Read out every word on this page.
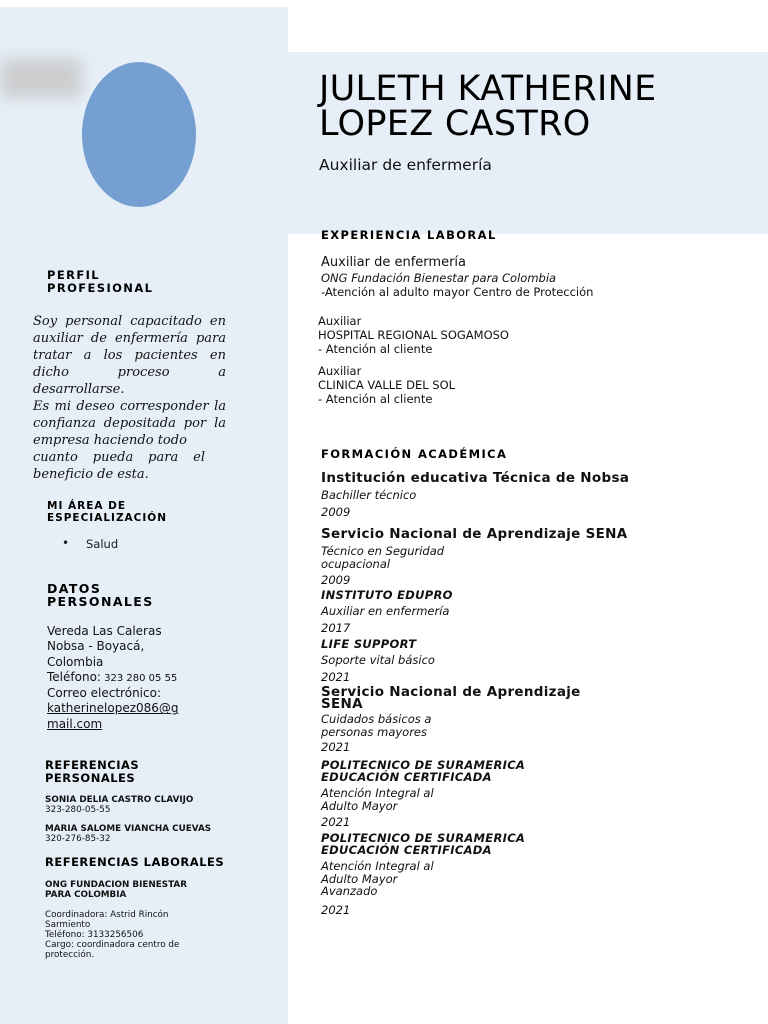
JULETH KATHERINE
LOPEZ CASTRO
Auxiliar de enfermería
PERFIL
PROFESIONAL
Soy personal capacitado en
auxiliar de enfermería para
tratar a los pacientes en
dicho proceso a desarrollarse.
Es mi deseo corresponder la
confianza depositada por la
empresa haciendo todo
cuanto pueda para el
beneficio de esta.
MI ÁREA DE
ESPECIALIZACIÓN
• Salud
DATOS
PERSONALES
Vereda Las Caleras
Nobsa - Boyacá,
Colombia
Teléfono: 323 280 05 55
Correo electrónico:
katherinelopez086@g
mail.com
REFERENCIAS
PERSONALES
SONIA DELIA CASTRO CLAVIJO
323-280-05-55
MARIA SALOME VIANCHA CUEVAS
320-276-85-32
REFERENCIAS LABORALES
ONG FUNDACION BIENESTAR
PARA COLOMBIA
Coordinadora: Astrid Rincón
Sarmiento
Teléfono: 3133256506
Cargo: coordinadora centro de
protección.
EXPERIENCIA LABORAL
Auxiliar de enfermería
ONG Fundación Bienestar para Colombia
-Atención al adulto mayor Centro de Protección
Auxiliar
HOSPITAL REGIONAL SOGAMOSO
- Atención al cliente
Auxiliar
CLINICA VALLE DEL SOL
- Atención al cliente
FORMACIÓN ACADÉMICA
Institución educativa Técnica de Nobsa
Bachiller técnico
2009
Servicio Nacional de Aprendizaje SENA
Técnico en Seguridad
ocupacional
2009
INSTITUTO EDUPRO
Auxiliar en enfermería
2017
LIFE SUPPORT
Soporte vital básico
2021
Servicio Nacional de Aprendizaje
SENA
Cuidados básicos a
personas mayores
2021
POLITECNICO DE SURAMERICA
EDUCACIÓN CERTIFICADA
Atención Integral al
Adulto Mayor
2021
POLITECNICO DE SURAMERICA
EDUCACIÓN CERTIFICADA
Atención Integral al
Adulto Mayor
Avanzado
2021
